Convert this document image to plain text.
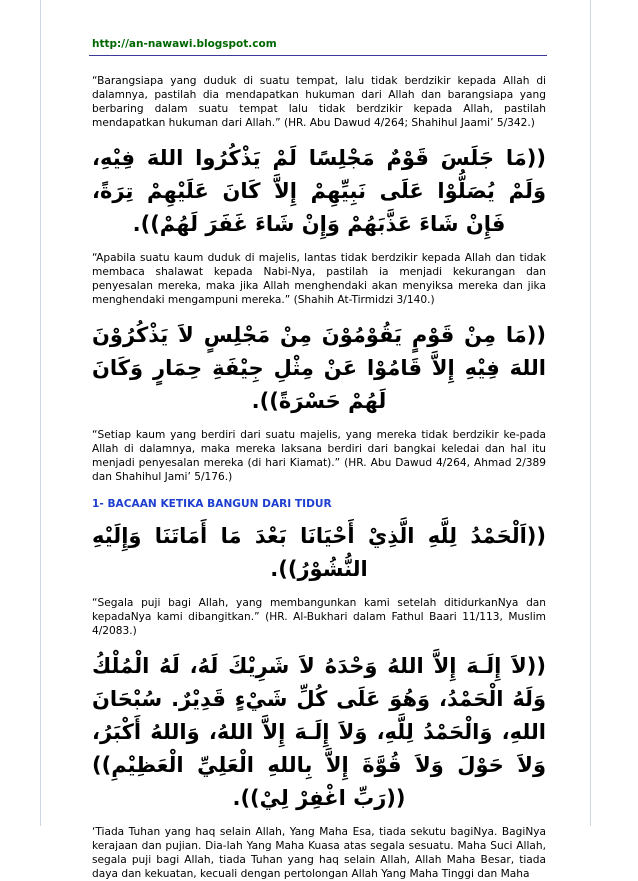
http://an-nawawi.blogspot.com

“Barangsiapa yang duduk di suatu tempat, lalu tidak berdzikir kepada Allah di dalamnya, pastilah dia mendapatkan hukuman dari Allah dan barangsiapa yang berbaring dalam suatu tempat lalu tidak berdzikir kepada Allah, pastilah mendapatkan hukuman dari Allah.” (HR. Abu Dawud 4/264; Shahihul Jaami’ 5/342.)

((مَا جَلَسَ قَوْمٌ مَجْلِسًا لَمْ يَذْكُرُوا اللهَ فِيْهِ، وَلَمْ يُصَلُّوْا عَلَى نَبِيِّهِمْ إِلاَّ كَانَ عَلَيْهِمْ تِرَةً، فَإِنْ شَاءَ عَذَّبَهُمْ وَإِنْ شَاءَ غَفَرَ لَهُمْ)).

“Apabila suatu kaum duduk di majelis, lantas tidak berdzikir kepada Allah dan tidak membaca shalawat kepada Nabi-Nya, pastilah ia menjadi kekurangan dan penyesalan mereka, maka jika Allah menghendaki akan menyiksa mereka dan jika menghendaki mengampuni mereka.” (Shahih At-Tirmidzi 3/140.)

((مَا مِنْ قَوْمٍ يَقُوْمُوْنَ مِنْ مَجْلِسٍ لاَ يَذْكُرُوْنَ اللهَ فِيْهِ إِلاَّ قَامُوْا عَنْ مِثْلِ جِيْفَةِ حِمَارٍ وَكَانَ لَهُمْ حَسْرَةً)).

“Setiap kaum yang berdiri dari suatu majelis, yang mereka tidak berdzikir ke-pada Allah di dalamnya, maka mereka laksana berdiri dari bangkai keledai dan hal itu menjadi penyesalan mereka (di hari Kiamat).” (HR. Abu Dawud 4/264, Ahmad 2/389 dan Shahihul Jami’ 5/176.)

1- BACAAN KETIKA BANGUN DARI TIDUR

((اَلْحَمْدُ لِلَّهِ الَّذِيْ أَحْيَانَا بَعْدَ مَا أَمَاتَنَا وَإِلَيْهِ النُّشُوْرُ)).

“Segala puji bagi Allah, yang membangunkan kami setelah ditidurkanNya dan kepadaNya kami dibangitkan.” (HR. Al-Bukhari dalam Fathul Baari 11/113, Muslim 4/2083.)

((لاَ إِلَـهَ إِلاَّ اللهُ وَحْدَهُ لاَ شَرِيْكَ لَهُ، لَهُ الْمُلْكُ وَلَهُ الْحَمْدُ، وَهُوَ عَلَى كُلِّ شَيْءٍ قَدِيْرٌ. سُبْحَانَ اللهِ، وَالْحَمْدُ لِلَّهِ، وَلاَ إِلَـهَ إِلاَّ اللهُ، وَاللهُ أَكْبَرُ، وَلاَ حَوْلَ وَلاَ قُوَّةَ إِلاَّ بِاللهِ الْعَلِيِّ الْعَظِيْمِ)) ((رَبِّ اغْفِرْ لِيْ)).

‘Tiada Tuhan yang haq selain Allah, Yang Maha Esa, tiada sekutu bagiNya. BagiNya kerajaan dan pujian. Dia-lah Yang Maha Kuasa atas segala sesuatu. Maha Suci Allah, segala puji bagi Allah, tiada Tuhan yang haq selain Allah, Allah Maha Besar, tiada daya dan kekuatan, kecuali dengan pertolongan Allah Yang Maha Tinggi dan Maha
